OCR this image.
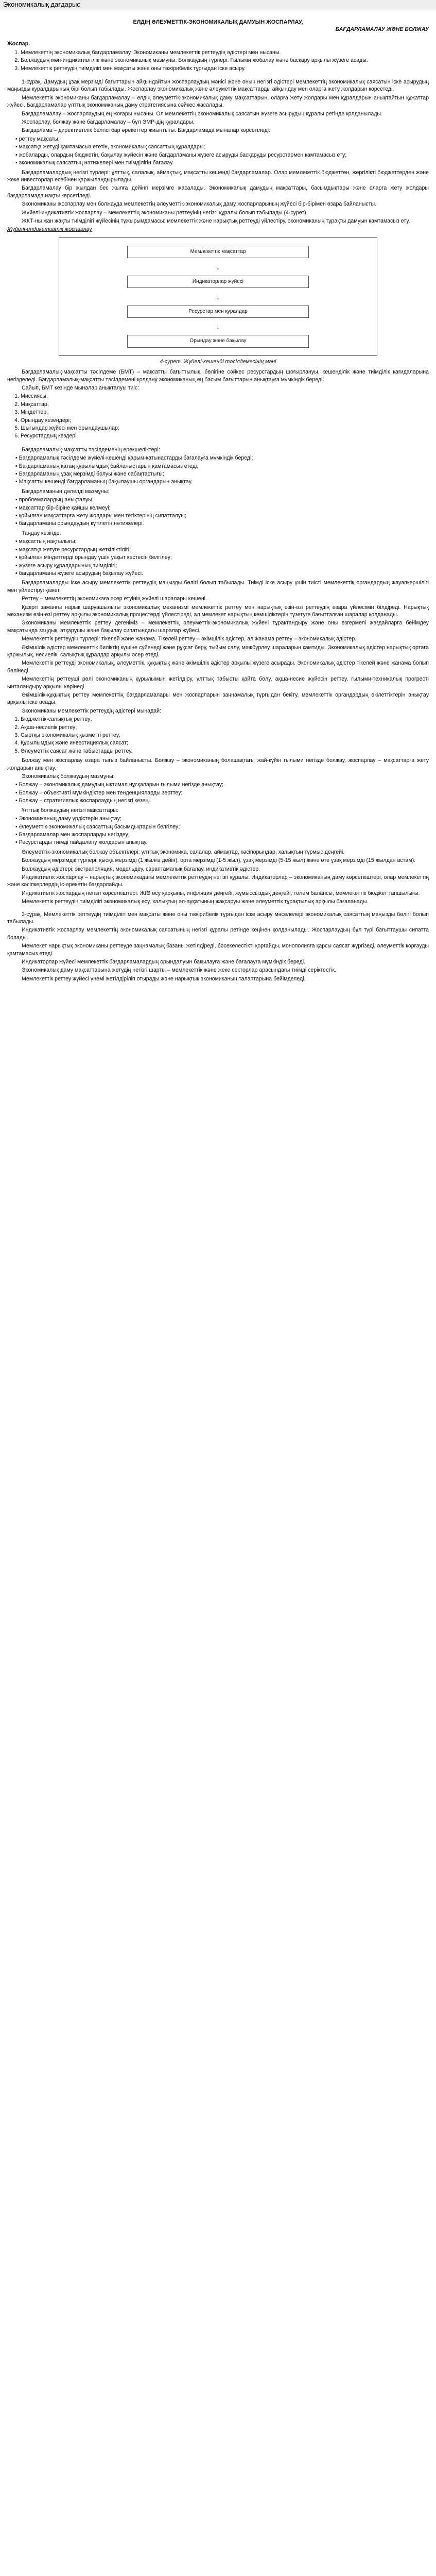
Экономикалық дағдарыс
ЕЛДІҢ ӘЛЕУМЕТТІК-ЭКОНОМИКАЛЫҚ ДАМУЫН ЖОСПАРЛАУ,
БАҒДАРЛАМАЛАУ ЖӘНЕ БОЛЖАУ
Жоспар.
1. Мемлекеттің экономикалық бағдарламалау. Экономиканы мемлекеттік реттеудің әдістері мен нысаны.
2. Болжаудың мән-индикативтілік және экономикалық мазмұны. Болжаудың түрлері. Ғылыми жобалау және басқару арқылы жүзеге асады.
3. Мемлекеттік реттеудің тиімділігі мен мақсаты және оны тәжірибелік тұрғыдан іске асыру.

1-сұрақ. Дамудың ұзақ мерзімді бағыттарын айқындайтын жоспарлаудың мәнісі және оның негізгі әдістері мемлекеттің экономикалық саясатын іске асырудың маңызды құралдарының бірі болып табылады. Жоспарлау экономикалық және әлеуметтік мақсаттарды айқындау мен оларға жету жолдарын көрсетеді.

Мемлекеттік экономиканы бағдарламалау – елдің әлеуметтік-экономикалық даму мақсаттарын, оларға жету жолдары мен құралдарын анықтайтын құжаттар жүйесі. Бағдарламалар ұлттық экономиканың даму стратегиясына сәйкес жасалады.

Бағдарламалау – жоспарлаудың ең жоғары нысаны. Ол мемлекеттің экономикалық саясатын жүзеге асырудың құралы ретінде қолданылады.

Жоспарлау, болжау және бағдарламалау – бұл ЭМР-дің құралдары.

Бағдарлама – директивтілік белгісі бар әрекеттер жиынтығы. Бағдарламада мыналар көрсетіледі:

• реттеу мақсаты;
• мақсатқа жетуді қамтамасыз ететін, экономикалық саясаттың құралдары;
• жобаларды, олардың бюджетін, бақылау жүйесін және бағдарламаны жүзеге асыруды басқаруды ресурстармен қамтамасыз ету;
• экономикалық саясаттың нәтижелері мен тиімділігін бағалау.

Бағдарламалардың негізгі түрлері: ұлттық, салалық, аймақтық, мақсатты кешенді бағдарламалар. Олар мемлекеттік бюджеттен, жергілікті бюджеттерден және жеке инвесторлар есебінен қаржыландырылады.

Бағдарламалау бір жылдан бес жылға дейінгі мерзімге жасалады. Экономикалық дамудың мақсаттары, басымдықтары және оларға жету жолдары бағдарламада нақты көрсетіледі.

Экономиканы жоспарлау мен болжауда мемлекеттің әлеуметтік-экономикалық даму жоспарларының жүйесі бір-бірімен өзара байланысты.

Жүйелі-индикативтік жоспарлау – мемлекеттің экономиканы реттеуінің негізгі құралы болып табылады (4-сурет).

ЖКТ-ны жан жақты тиімділігі жүйесінің тұжырымдамасы: мемлекеттік және нарықтық реттеуді үйлестіру, экономиканың тұрақты дамуын қамтамасыз ету.

Жүйелі-индикативтік жоспарлау

Мемлекеттік мақсаттар
↓
Индикаторлар жүйесі
↓
Ресурстар мен құралдар
↓
Орындау және бақылау
4-сурет. Жүйелі-кешенді тәсілдемесінің мәні

Бағдарламалық-мақсатты тәсілдеме (БМТ) – мақсатты бағыттылық, бөлігіне сәйкес ресурстардың шоғырлануы, кешенділік және тиімділік қағидаларына негізделеді. Бағдарламалық-мақсатты тәсілдемені қолдану экономиканың ең басым бағыттарын анықтауға мүмкіндік береді.

Сайып, БМТ кезінде мыналар анықталуы тиіс:

1. Миссиясы;
2. Мақсаттар;
3. Міндеттер;
4. Орындау кезеңдері;
5. Шығындар жүйесі мен орындаушылар;
6. Ресурстардың көздері.

Бағдарламалық-мақсатты тәсілдеменің ерекшеліктері:

• Бағдарламалық тәсілдеме жүйелі-кешенді қарым-қатынастарды бағалауға мүмкіндік береді;
• Бағдарламаның қатаң құрылымдық байланыстарын қамтамасыз етеді;
• Бағдарламаның ұзақ мерзімді болуы және сабақтастығы;
• Мақсатты кешенді бағдарламаның бақылаушы органдарын анықтау.

Бағдарламаның дәлелді мазмұны:

• проблемалардың анықталуы;
• мақсаттар бір-біріне қайшы келмеуі;
• қойылған мақсаттарға жету жолдары мен тетіктерінің сипатталуы;
• бағдарламаны орындаудың күтілетін нәтижелері.

Таңдау кезінде:

• мақсаттың нақтылығы;
• мақсатқа жетуге ресурстардың жеткіліктілігі;
• қойылған міндеттерді орындау үшін уақыт кестесін белгілеу;
• жүзеге асыру құралдарының тиімділігі;
• бағдарламаны жүзеге асырудың бақылау жүйесі.

Бағдарламаларды іске асыру мемлекеттік реттеудің маңызды бөлігі болып табылады. Тиімді іске асыру үшін тиісті мемлекеттік органдардың жауапкершілігі мен үйлестіруі қажет.

Реттеу – мемлекеттің экономикаға әсер етуінің жүйелі шаралары кешені.

Қазіргі заманғы нарық шаруашылығы экономикалық механизмі мемлекеттік реттеу мен нарықтық өзін-өзі реттеудің өзара үйлесімін білдіреді. Нарықтық механизм өзін-өзі реттеу арқылы экономикалық процестерді үйлестіреді, ал мемлекет нарықтың кемшіліктерін түзетуге бағытталған шаралар қолданады.

Экономиканы мемлекеттік реттеу дегеніміз – мемлекеттің әлеуметтік-экономикалық жүйені тұрақтандыру және оны өзгермелі жағдайларға бейімдеу мақсатында заңдық, атқарушы және бақылау сипатындағы шаралар жүйесі.

Мемлекеттік реттеудің түрлері: тікелей және жанама. Тікелей реттеу – әкімшілік әдістер, ал жанама реттеу – экономикалық әдістер.

Әкімшілік әдістер мемлекеттік биліктің күшіне сүйенеді және рұқсат беру, тыйым салу, мәжбүрлеу шараларын қамтиды. Экономикалық әдістер нарықтық ортаға қаржылық, несиелік, салықтық құралдар арқылы әсер етеді.

Мемлекеттік реттеуді экономикалық, әлеуметтік, құқықтық және әкімшілік әдістер арқылы жүзеге асырады. Экономикалық әдістер тікелей және жанама болып бөлінеді.

Мемлекеттің реттеуші рөлі экономиканың құрылымын жетілдіру, ұлттық табысты қайта бөлу, ақша-несие жүйесін реттеу, ғылыми-техникалық прогресті ынталандыру арқылы көрінеді.

Әкімшілік-құқықтық реттеу мемлекеттің бағдарламалары мен жоспарларын заңнамалық тұрғыдан бекіту, мемлекеттік органдардың өкілеттіктерін анықтау арқылы іске асады.

Экономиканы мемлекеттік реттеудің әдістері мынадай:

1. Бюджеттік-салықтық реттеу;
2. Ақша-несиелік реттеу;
3. Сыртқы экономикалық қызметті реттеу;
4. Құрылымдық және инвестициялық саясат;
5. Әлеуметтік саясат және табыстарды реттеу.

Болжау мен жоспарлау өзара тығыз байланысты. Болжау – экономиканың болашақтағы жай-күйін ғылыми негізде болжау, жоспарлау – мақсаттарға жету жолдарын анықтау.

Экономикалық болжаудың мазмұны:

• Болжау – экономикалық дамудың ықтимал нұсқаларын ғылыми негізде анықтау;
• Болжау – объективті мүмкіндіктер мен тенденцияларды зерттеу;
• Болжау – стратегиялық жоспарлаудың негізгі кезеңі.

Ұлттық болжаудың негізгі мақсаттары:

• Экономиканың даму үрдістерін анықтау;
• Әлеуметтік-экономикалық саясаттың басымдықтарын белгілеу;
• Бағдарламалар мен жоспарларды негіздеу;
• Ресурстарды тиімді пайдалану жолдарын анықтау.

Әлеуметтік-экономикалық болжау объектілері: ұлттық экономика, салалар, аймақтар, кәсіпорындар, халықтың тұрмыс деңгейі.

Болжаудың мерзімдік түрлері: қысқа мерзімді (1 жылға дейін), орта мерзімді (1-5 жыл), ұзақ мерзімді (5-15 жыл) және өте ұзақ мерзімді (15 жылдан астам).

Болжаудың әдістері: экстраполяция, модельдеу, сараптамалық бағалау, индикативтік әдістер.

Индикативтік жоспарлау – нарықтық экономикадағы мемлекеттік реттеудің негізгі құралы. Индикаторлар – экономиканың даму көрсеткіштері, олар мемлекеттің және кәсіпкерлердің іс-әрекетін бағдарлайды.

Индикативтік жоспардың негізгі көрсеткіштері: ЖІӨ өсу қарқыны, инфляция деңгейі, жұмыссыздық деңгейі, төлем балансы, мемлекеттік бюджет тапшылығы.

Мемлекеттік реттеудің тиімділігі экономикалық өсу, халықтың әл-ауқатының жақсаруы және әлеуметтік тұрақтылық арқылы бағаланады.

3-сұрақ. Мемлекеттік реттеудің тиімділігі мен мақсаты және оны тәжірибелік тұрғыдан іске асыру мәселелері экономикалық саясаттың маңызды бөлігі болып табылады.

Индикативтік жоспарлау мемлекеттің экономикалық саясатының негізгі құралы ретінде кеңінен қолданылады. Жоспарлаудың бұл түрі бағыттаушы сипатта болады.

Мемлекет нарықтық экономиканы реттеуде заңнамалық базаны жетілдіреді, бәсекелестікті қорғайды, монополияға қарсы саясат жүргізеді, әлеуметтік қорғауды қамтамасыз етеді.

Индикаторлар жүйесі мемлекеттік бағдарламалардың орындалуын бақылауға және бағалауға мүмкіндік береді.

Экономикалық даму мақсаттарына жетудің негізгі шарты – мемлекеттік және жеке секторлар арасындағы тиімді серіктестік.

Мемлекеттік реттеу жүйесі үнемі жетілдіріліп отырады және нарықтық экономиканың талаптарына бейімделеді.
